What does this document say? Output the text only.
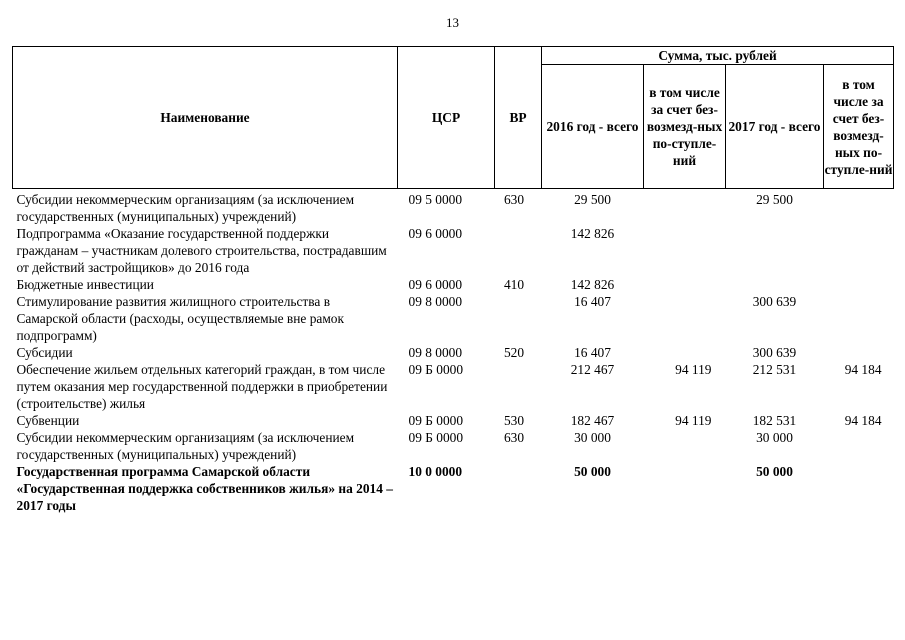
13
Наименование	ЦСР	ВР	Сумма, тыс. рублей			
			2016 год - всего	в том числе за счет без-возмезд-ных по-ступле-ний	2017 год - всего	в том числе за счет без-возмезд-ных по-ступле-ний
Субсидии некоммерческим организациям (за исключением государственных (муниципальных) учреждений)	09 5 0000	630	29 500		29 500	
Подпрограмма «Оказание государственной поддержки гражданам – участникам долевого строительства, пострадавшим от действий застройщиков» до 2016 года	09 6 0000		142 826			
Бюджетные инвестиции	09 6 0000	410	142 826			
Стимулирование развития жилищного строительства в Самарской области (расходы, осуществляемые вне рамок подпрограмм)	09 8 0000		16 407		300 639	
Субсидии	09 8 0000	520	16 407		300 639	
Обеспечение жильем отдельных категорий граждан, в том числе путем оказания мер государственной поддержки в приобретении (строительстве) жилья	09 Б 0000		212 467	94 119	212 531	94 184
Субвенции	09 Б 0000	530	182 467	94 119	182 531	94 184
Субсидии некоммерческим организациям (за исключением государственных (муниципальных) учреждений)	09 Б 0000	630	30 000		30 000	
Государственная программа Самарской области «Государственная поддержка собственников жилья» на 2014 – 2017 годы	10 0 0000		50 000		50 000	
